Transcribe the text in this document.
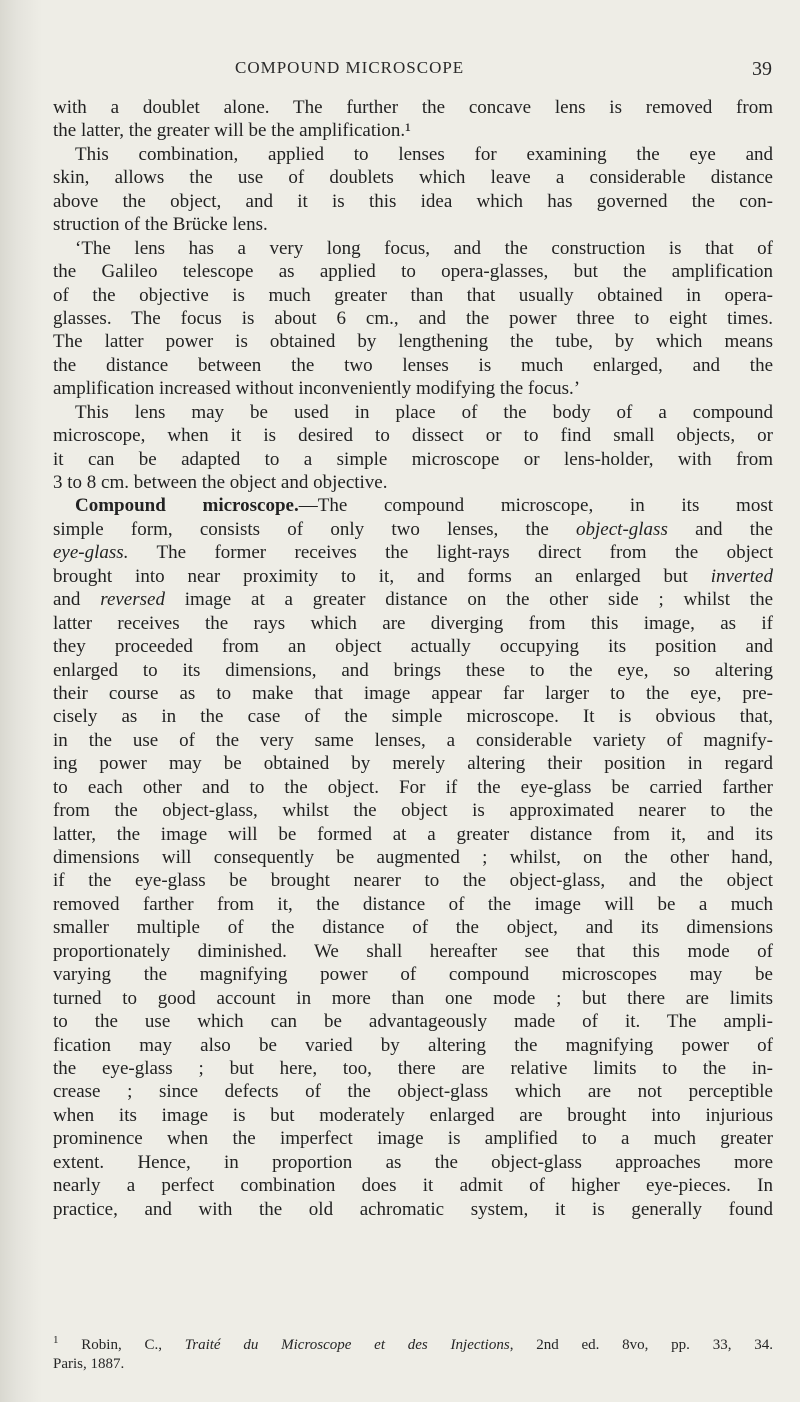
COMPOUND MICROSCOPE	39
with a doublet alone. The further the concave lens is removed from
the latter, the greater will be the amplification.¹
This combination, applied to lenses for examining the eye and
skin, allows the use of doublets which leave a considerable distance
above the object, and it is this idea which has governed the con-
struction of the Brücke lens.
‘The lens has a very long focus, and the construction is that of
the Galileo telescope as applied to opera-glasses, but the amplification
of the objective is much greater than that usually obtained in opera-
glasses. The focus is about 6 cm., and the power three to eight times.
The latter power is obtained by lengthening the tube, by which means
the distance between the two lenses is much enlarged, and the
amplification increased without inconveniently modifying the focus.’
This lens may be used in place of the body of a compound
microscope, when it is desired to dissect or to find small objects, or
it can be adapted to a simple microscope or lens-holder, with from
3 to 8 cm. between the object and objective.
Compound microscope.—The compound microscope, in its most
simple form, consists of only two lenses, the object-glass and the
eye-glass. The former receives the light-rays direct from the object
brought into near proximity to it, and forms an enlarged but inverted
and reversed image at a greater distance on the other side ; whilst the
latter receives the rays which are diverging from this image, as if
they proceeded from an object actually occupying its position and
enlarged to its dimensions, and brings these to the eye, so altering
their course as to make that image appear far larger to the eye, pre-
cisely as in the case of the simple microscope. It is obvious that,
in the use of the very same lenses, a considerable variety of magnify-
ing power may be obtained by merely altering their position in regard
to each other and to the object. For if the eye-glass be carried farther
from the object-glass, whilst the object is approximated nearer to the
latter, the image will be formed at a greater distance from it, and its
dimensions will consequently be augmented ; whilst, on the other hand,
if the eye-glass be brought nearer to the object-glass, and the object
removed farther from it, the distance of the image will be a much
smaller multiple of the distance of the object, and its dimensions
proportionately diminished. We shall hereafter see that this mode of
varying the magnifying power of compound microscopes may be
turned to good account in more than one mode ; but there are limits
to the use which can be advantageously made of it. The ampli-
fication may also be varied by altering the magnifying power of
the eye-glass ; but here, too, there are relative limits to the in-
crease ; since defects of the object-glass which are not perceptible
when its image is but moderately enlarged are brought into injurious
prominence when the imperfect image is amplified to a much greater
extent. Hence, in proportion as the object-glass approaches more
nearly a perfect combination does it admit of higher eye-pieces. In
practice, and with the old achromatic system, it is generally found
$^1$ Robin, C., Traité du Microscope et des Injections, 2nd ed. 8vo, pp. 33, 34.
Paris, 1887.
